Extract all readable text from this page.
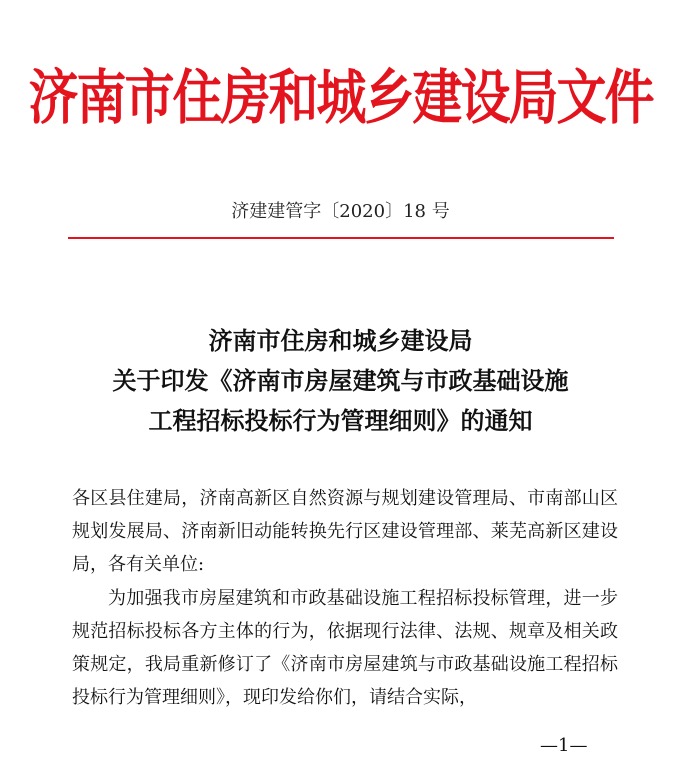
济南市住房和城乡建设局文件
济建建管字〔2020〕18 号
济南市住房和城乡建设局
关于印发《济南市房屋建筑与市政基础设施
工程招标投标行为管理细则》的通知
各区县住建局，济南高新区自然资源与规划建设管理局、市南部山区规划发展局、济南新旧动能转换先行区建设管理部、莱芜高新区建设局，各有关单位:
为加强我市房屋建筑和市政基础设施工程招标投标管理，进一步规范招标投标各方主体的行为，依据现行法律、法规、规章及相关政策规定，我局重新修订了《济南市房屋建筑与市政基础设施工程招标投标行为管理细则》，现印发给你们，请结合实际，
—1—
